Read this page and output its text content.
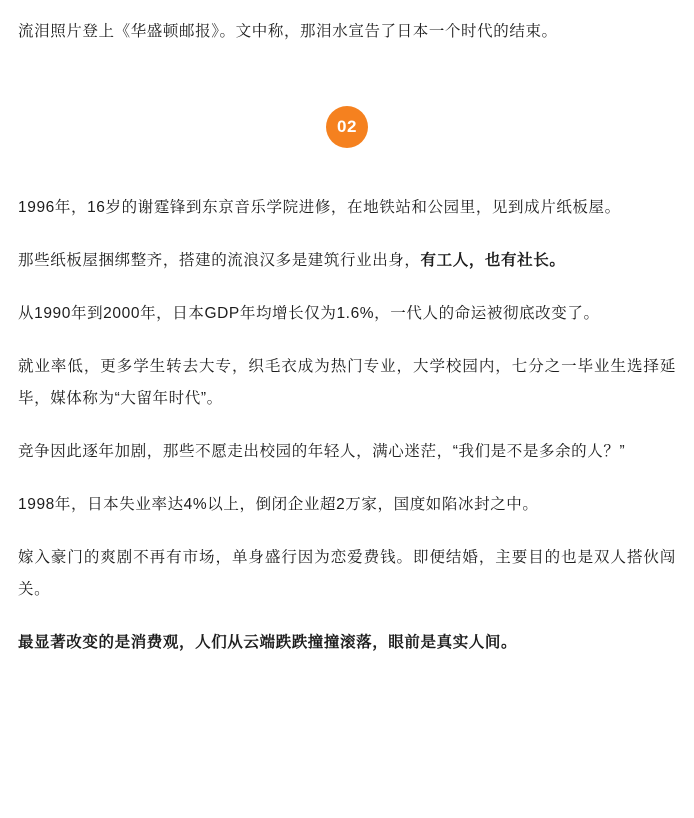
流泪照片登上《华盛顿邮报》。文中称，那泪水宣告了日本一个时代的结束。

02

1996年，16岁的谢霆锋到东京音乐学院进修，在地铁站和公园里，见到成片纸板屋。

那些纸板屋捆绑整齐，搭建的流浪汉多是建筑行业出身，有工人，也有社长。

从1990年到2000年，日本GDP年均增长仅为1.6%，一代人的命运被彻底改变了。

就业率低，更多学生转去大专，织毛衣成为热门专业，大学校园内，七分之一毕业生选择延毕，媒体称为“大留年时代”。

竞争因此逐年加剧，那些不愿走出校园的年轻人，满心迷茫，“我们是不是多余的人？”

1998年，日本失业率达4%以上，倒闭企业超2万家，国度如陷冰封之中。

嫁入豪门的爽剧不再有市场，单身盛行因为恋爱费钱。即便结婚，主要目的也是双人搭伙闯关。

最显著改变的是消费观，人们从云端跌跌撞撞滚落，眼前是真实人间。
